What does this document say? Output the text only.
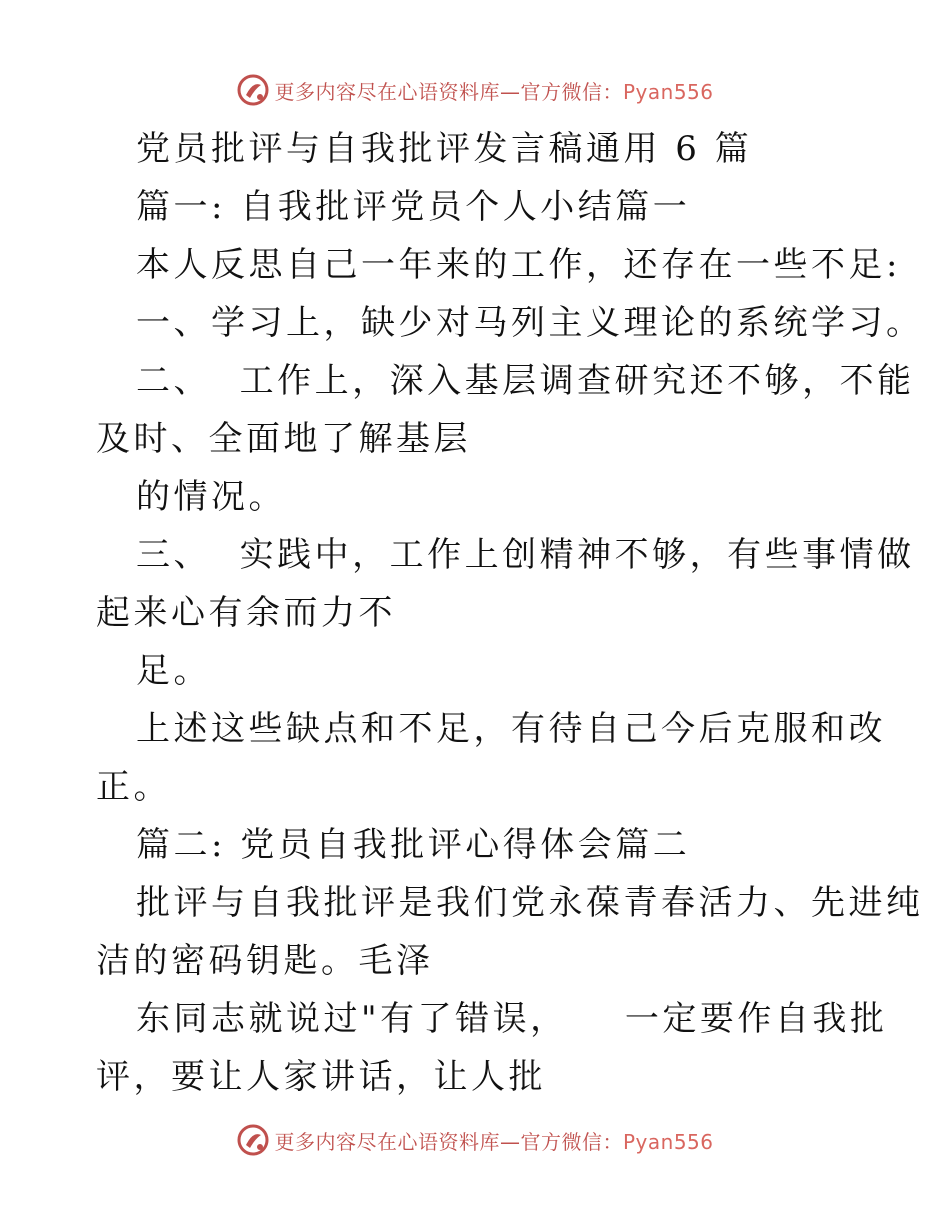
更多内容尽在心语资料库—官方微信：Pyan556
党员批评与自我批评发言稿通用 6 篇
篇一: 自我批评党员个人小结篇一
本人反思自己一年来的工作，还存在一些不足:
一、学习上，缺少对马列主义理论的系统学习。
二、  工作上，深入基层调查研究还不够，不能
及时、全面地了解基层
的情况。
三、  实践中，工作上创精神不够，有些事情做
起来心有余而力不
足。
上述这些缺点和不足，有待自己今后克服和改
正。
篇二: 党员自我批评心得体会篇二
批评与自我批评是我们党永葆青春活力、先进纯
洁的密码钥匙。毛泽
东同志就说过"有了错误，    一定要作自我批
评，要让人家讲话，让人批
更多内容尽在心语资料库—官方微信：Pyan556
